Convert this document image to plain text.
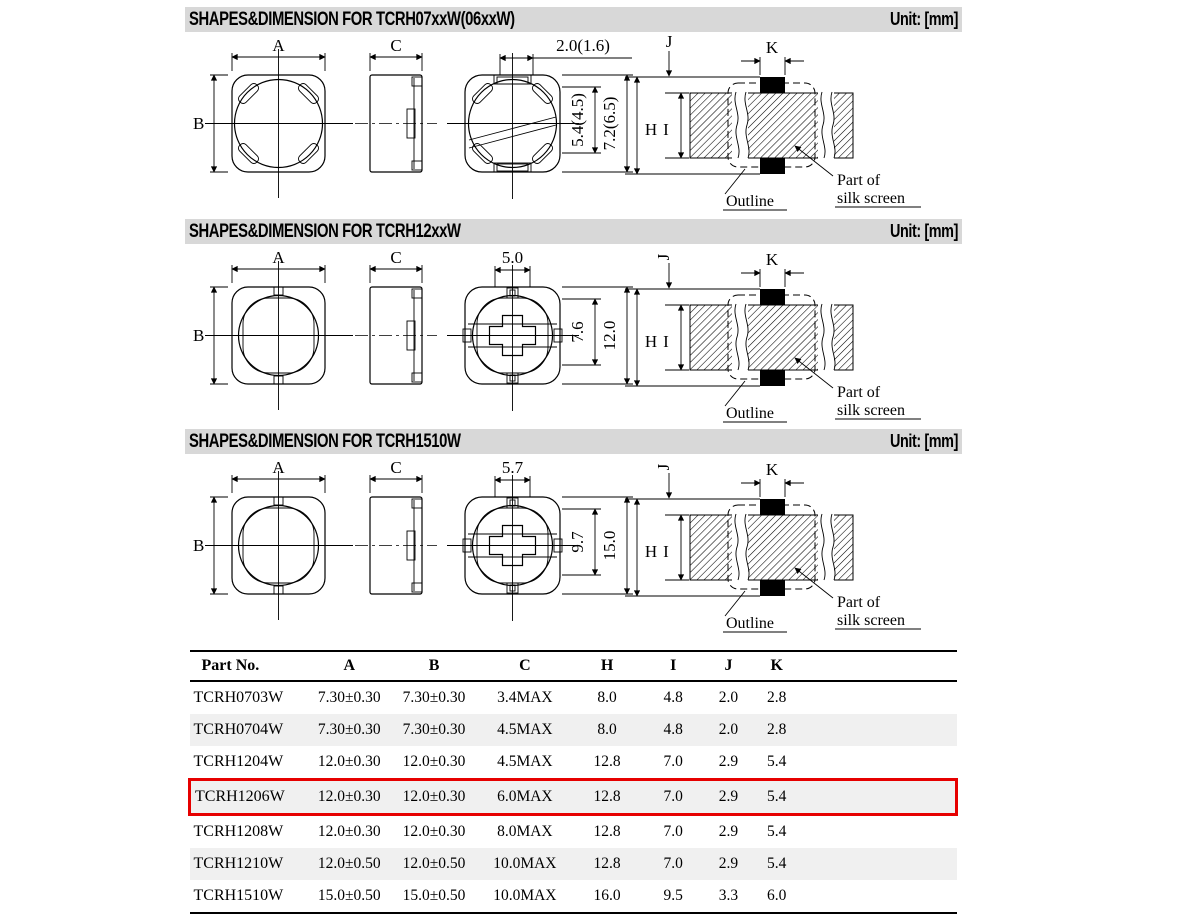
SHAPES&DIMENSION FOR TCRH07xxW(06xxW)	Unit: [mm]
A
B
C	2.0(1.6)
5.4(4.5) 7.2(6.5)
K
J
H I
Outline
Part of
silk screen
SHAPES&DIMENSION FOR TCRH12xxW	Unit: [mm]
A
B
C	5.0
7.6 12.0
K
J
H I
Outline
Part of
silk screen
SHAPES&DIMENSION FOR TCRH1510W	Unit: [mm]
A
B
C	5.7
9.7 15.0
K
J
H I
Outline
Part of
silk screen
Part No.	A	B	C	H	I	J	K	
TCRH0703W	7.30±0.30	7.30±0.30	3.4MAX	8.0	4.8	2.0	2.8	
TCRH0704W	7.30±0.30	7.30±0.30	4.5MAX	8.0	4.8	2.0	2.8	
TCRH1204W	12.0±0.30	12.0±0.30	4.5MAX	12.8	7.0	2.9	5.4	
TCRH1206W	12.0±0.30	12.0±0.30	6.0MAX	12.8	7.0	2.9	5.4	
TCRH1208W	12.0±0.30	12.0±0.30	8.0MAX	12.8	7.0	2.9	5.4	
TCRH1210W	12.0±0.50	12.0±0.50	10.0MAX	12.8	7.0	2.9	5.4	
TCRH1510W	15.0±0.50	15.0±0.50	10.0MAX	16.0	9.5	3.3	6.0	
